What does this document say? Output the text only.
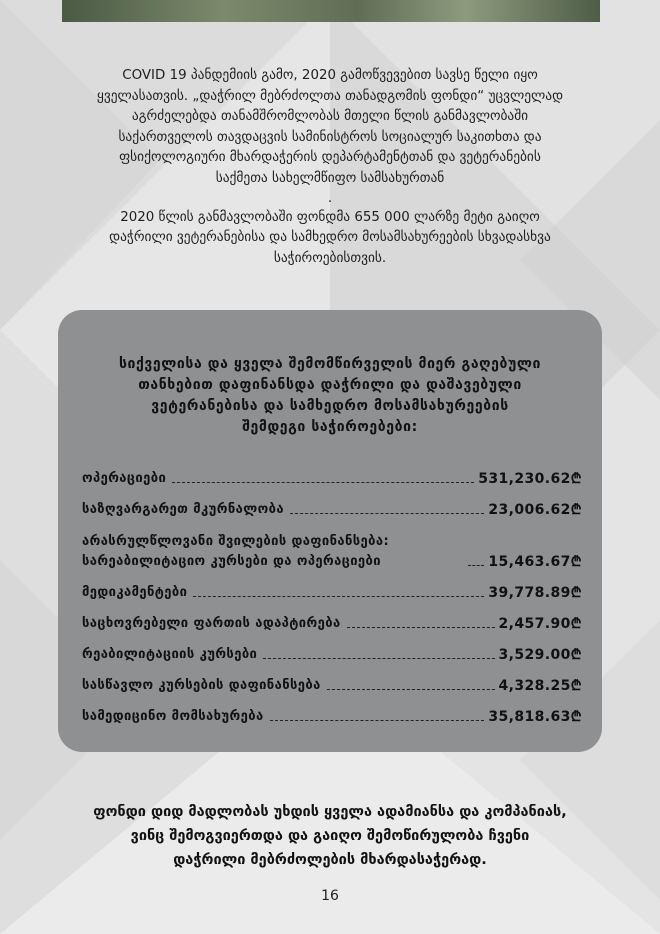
COVID 19 პანდემიის გამო, 2020 გამოწვევებით სავსე წელი იყო

ყველასათვის. „დაჭრილ მებრძოლთა თანადგომის ფონდი“ უცვლელად

აგრძელებდა თანამშრომლობას მთელი წლის განმავლობაში

საქართველოს თავდაცვის სამინისტროს სოციალურ საკითხთა და

ფსიქოლოგიური მხარდაჭერის დეპარტამენტთან და ვეტერანების

საქმეთა სახელმწიფო სამსახურთან

.

2020 წლის განმავლობაში ფონდმა 655 000 ლარზე მეტი გაიღო

დაჭრილი ვეტერანებისა და სამხედრო მოსამსახურეების სხვადასხვა

საჭიროებისთვის.

სიქველისა და ყველა შემომწირველის მიერ გაღებული
თანხებით დაფინანსდა დაჭრილი და დაშავებული
ვეტერანებისა და სამხედრო მოსამსახურეების
შემდეგი საჭიროებები:
ოპერაციები	531,230.62₾
საზღვარგარეთ მკურნალობა	23,006.62₾
არასრულწლოვანი შვილების დაფინანსება: სარეაბილიტაციო კურსები და ოპერაციები	15,463.67₾
მედიკამენტები	39,778.89₾
საცხოვრებელი ფართის ადაპტირება	2,457.90₾
რეაბილიტაციის კურსები	3,529.00₾
სასწავლო კურსების დაფინანსება	4,328.25₾
სამედიცინო მომსახურება	35,818.63₾
ფონდი დიდ მადლობას უხდის ყველა ადამიანსა და კომპანიას,
ვინც შემოგვიერთდა და გაიღო შემოწირულობა ჩვენი
დაჭრილი მებრძოლების მხარდასაჭერად.
16
